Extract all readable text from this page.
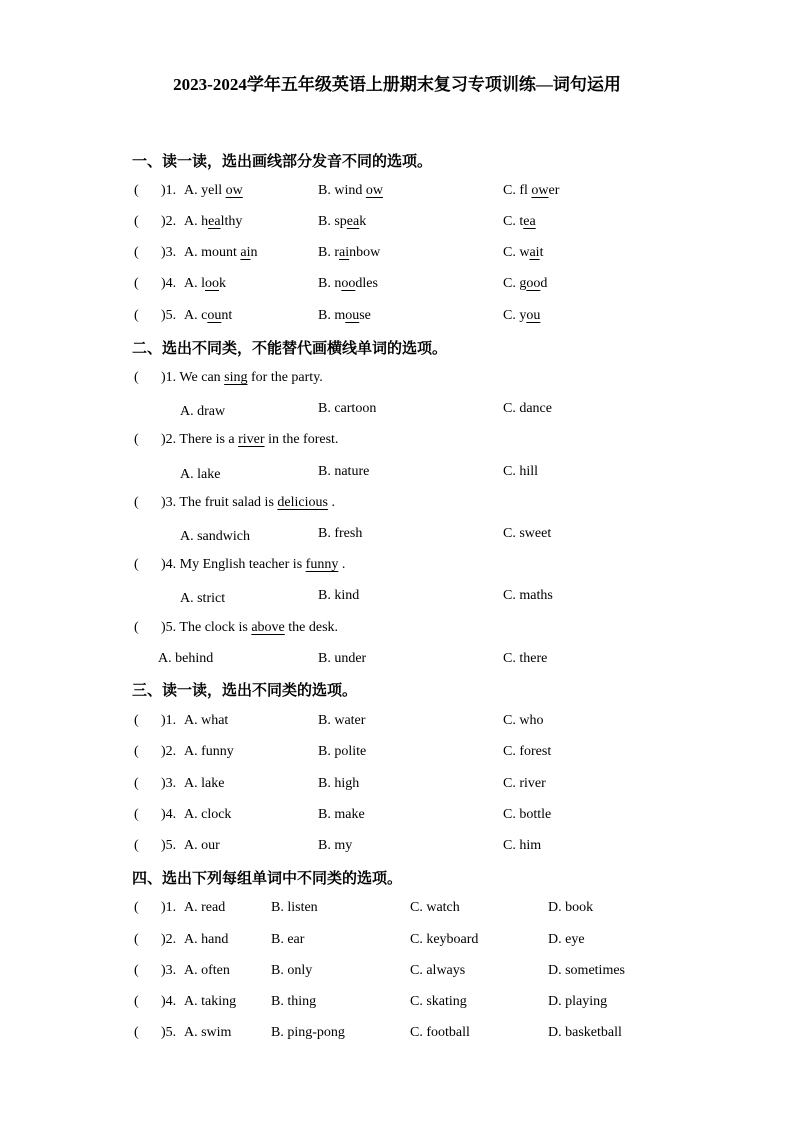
2023-2024学年五年级英语上册期末复习专项训练—词句运用
一、读一读，选出画线部分发音不同的选项。
( )1. A. yell ow	B. wind ow	C. fl ower
( )2. A. healthy	B. speak	C. tea
( )3. A. mount ain	B. rainbow	C. wait
( )4. A. look	B. noodles	C. good
( )5. A. count	B. mouse	C. you
二、选出不同类，不能替代画横线单词的选项。
( )1. We can sing for the party.
A. draw	B. cartoon	C. dance
( )2. There is a river in the forest.
A. lake	B. nature	C. hill
( )3. The fruit salad is delicious .
A. sandwich	B. fresh	C. sweet
( )4. My English teacher is funny .
A. strict	B. kind	C. maths
( )5. The clock is above the desk.
A. behind	B. under	C. there
三、读一读，选出不同类的选项。
( )1. A. what	B. water	C. who
( )2. A. funny	B. polite	C. forest
( )3. A. lake	B. high	C. river
( )4. A. clock	B. make	C. bottle
( )5. A. our	B. my	C. him
四、选出下列每组单词中不同类的选项。
( )1. A. read	B. listen	C. watch	D. book
( )2. A. hand	B. ear	C. keyboard	D. eye
( )3. A. often	B. only	C. always	D. sometimes
( )4. A. taking B. thing	C. skating	D. playing
( )5. A. swim	B. ping-pong	C. football	D. basketball
